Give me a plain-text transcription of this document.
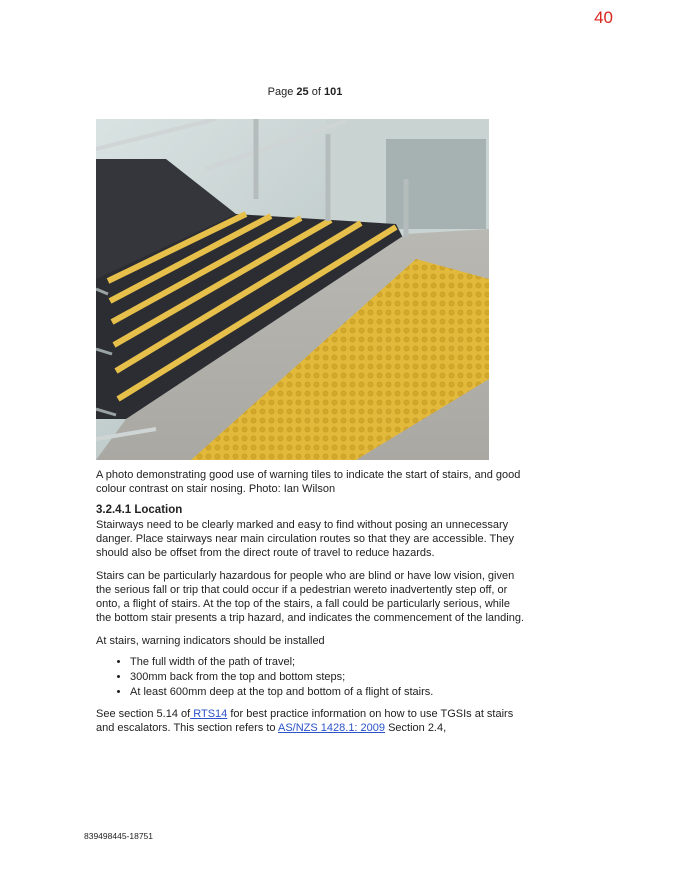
40
Page 25 of 101

A photo demonstrating good use of warning tiles to indicate the start of stairs, and good colour contrast on stair nosing. Photo: Ian Wilson

3.2.4.1 Location

Stairways need to be clearly marked and easy to find without posing an unnecessary danger. Place stairways near main circulation routes so that they are accessible. They should also be offset from the direct route of travel to reduce hazards.

Stairs can be particularly hazardous for people who are blind or have low vision, given the serious fall or trip that could occur if a pedestrian wereto inadvertently step off, or onto, a flight of stairs. At the top of the stairs, a fall could be particularly serious, while the bottom stair presents a trip hazard, and indicates the commencement of the landing.

At stairs, warning indicators should be installed

• The full width of the path of travel;
• 300mm back from the top and bottom steps;
• At least 600mm deep at the top and bottom of a flight of stairs.

See section 5.14 of RTS14 for best practice information on how to use TGSIs at stairs and escalators. This section refers to AS/NZS 1428.1: 2009 Section 2.4,

839498445-18751
